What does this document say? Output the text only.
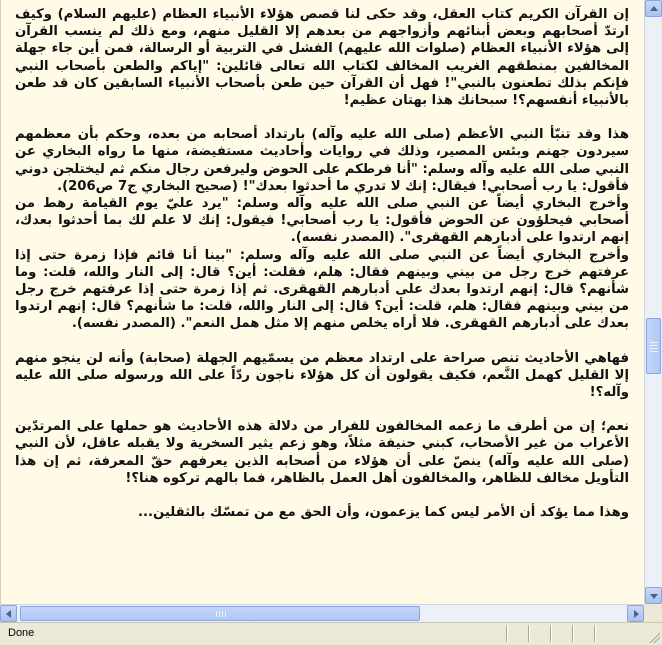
إن القرآن الكريم كتاب العقل، وقد حكى لنا قصص هؤلاء الأنبياء العظام (عليهم السلام) وكيف ارتدّ أصحابهم وبعض أبنائهم وأزواجهم من بعدهم إلا القليل منهم، ومع ذلك لم ينسب القرآن إلى هؤلاء الأنبياء العظام (صلوات الله عليهم) الفشل في التربية أو الرسالة، فمن أين جاء جهلة المخالفين بمنطقهم الغريب المخالف لكتاب الله تعالى قائلين: "إياكم والطعن بأصحاب النبي فإنكم بذلك تطعنون بالنبي"! فهل أن القرآن حين طعن بأصحاب الأنبياء السابقين كان قد طعن بالأنبياء أنفسهم؟! سبحانك هذا بهتان عظيم!

هذا وقد تنبّأ النبي الأعظم (صلى الله عليه وآله) بارتداد أصحابه من بعده، وحكم بأن معظمهم سيردون جهنم وبئس المصير، وذلك في روايات وأحاديث مستفيضة، منها ما رواه البخاري عن النبي صلى الله عليه وآله وسلم: "أنا فرطكم على الحوض وليرفعن رجال منكم ثم ليختلجن دوني فأقول: يا رب أصحابي! فيقال: إنك لا تدري ما أحدثوا بعدك"! (صحيح البخاري ج7 ص206).

وأخرج البخاري أيضاً عن النبي صلى الله عليه وآله وسلم: "يرد عليّ يوم القيامة رهط من أصحابي فيحلؤون عن الحوض فأقول: يا رب أصحابي! فيقول: إنك لا علم لك بما أحدثوا بعدك، إنهم ارتدوا على أدبارهم القهقرى". (المصدر نفسه).

وأخرج البخاري أيضاً عن النبي صلى الله عليه وآله وسلم: "بينا أنا قائم فإذا زمرة حتى إذا عرفتهم خرج رجل من بيني وبينهم فقال: هلم، فقلت: أين؟ قال: إلى النار والله، قلت: وما شأنهم؟ قال: إنهم ارتدوا بعدك على أدبارهم القهقرى. ثم إذا زمرة حتى إذا عرفتهم خرج رجل من بيني وبينهم فقال: هلم، قلت: أين؟ قال: إلى النار والله، قلت: ما شأنهم؟ قال: إنهم ارتدوا بعدك على أدبارهم القهقرى. فلا أراه يخلص منهم إلا مثل همل النعم". (المصدر نفسه).

فهاهي الأحاديث تنص صراحة على ارتداد معظم من يسمّيهم الجهلة (صحابة) وأنه لن ينجو منهم إلا القليل كهمل النَّعم، فكيف يقولون أن كل هؤلاء ناجون ردّاً على الله ورسوله صلى الله عليه وآله؟!

نعم؛ إن من أطرف ما زعمه المخالفون للفرار من دلالة هذه الأحاديث هو حملها على المرتدّين الأعراب من غير الأصحاب، كبني حنيفة مثلاً، وهو زعم يثير السخرية ولا يقبله عاقل، لأن النبي (صلى الله عليه وآله) ينصّ على أن هؤلاء من أصحابه الذين يعرفهم حقّ المعرفة، ثم إن هذا التأويل مخالف للظاهر، والمخالفون أهل العمل بالظاهر، فما بالهم تركوه هنا؟!

وهذا مما يؤكد أن الأمر ليس كما يزعمون، وأن الحق مع من تمسّك بالثقلين...

Done
